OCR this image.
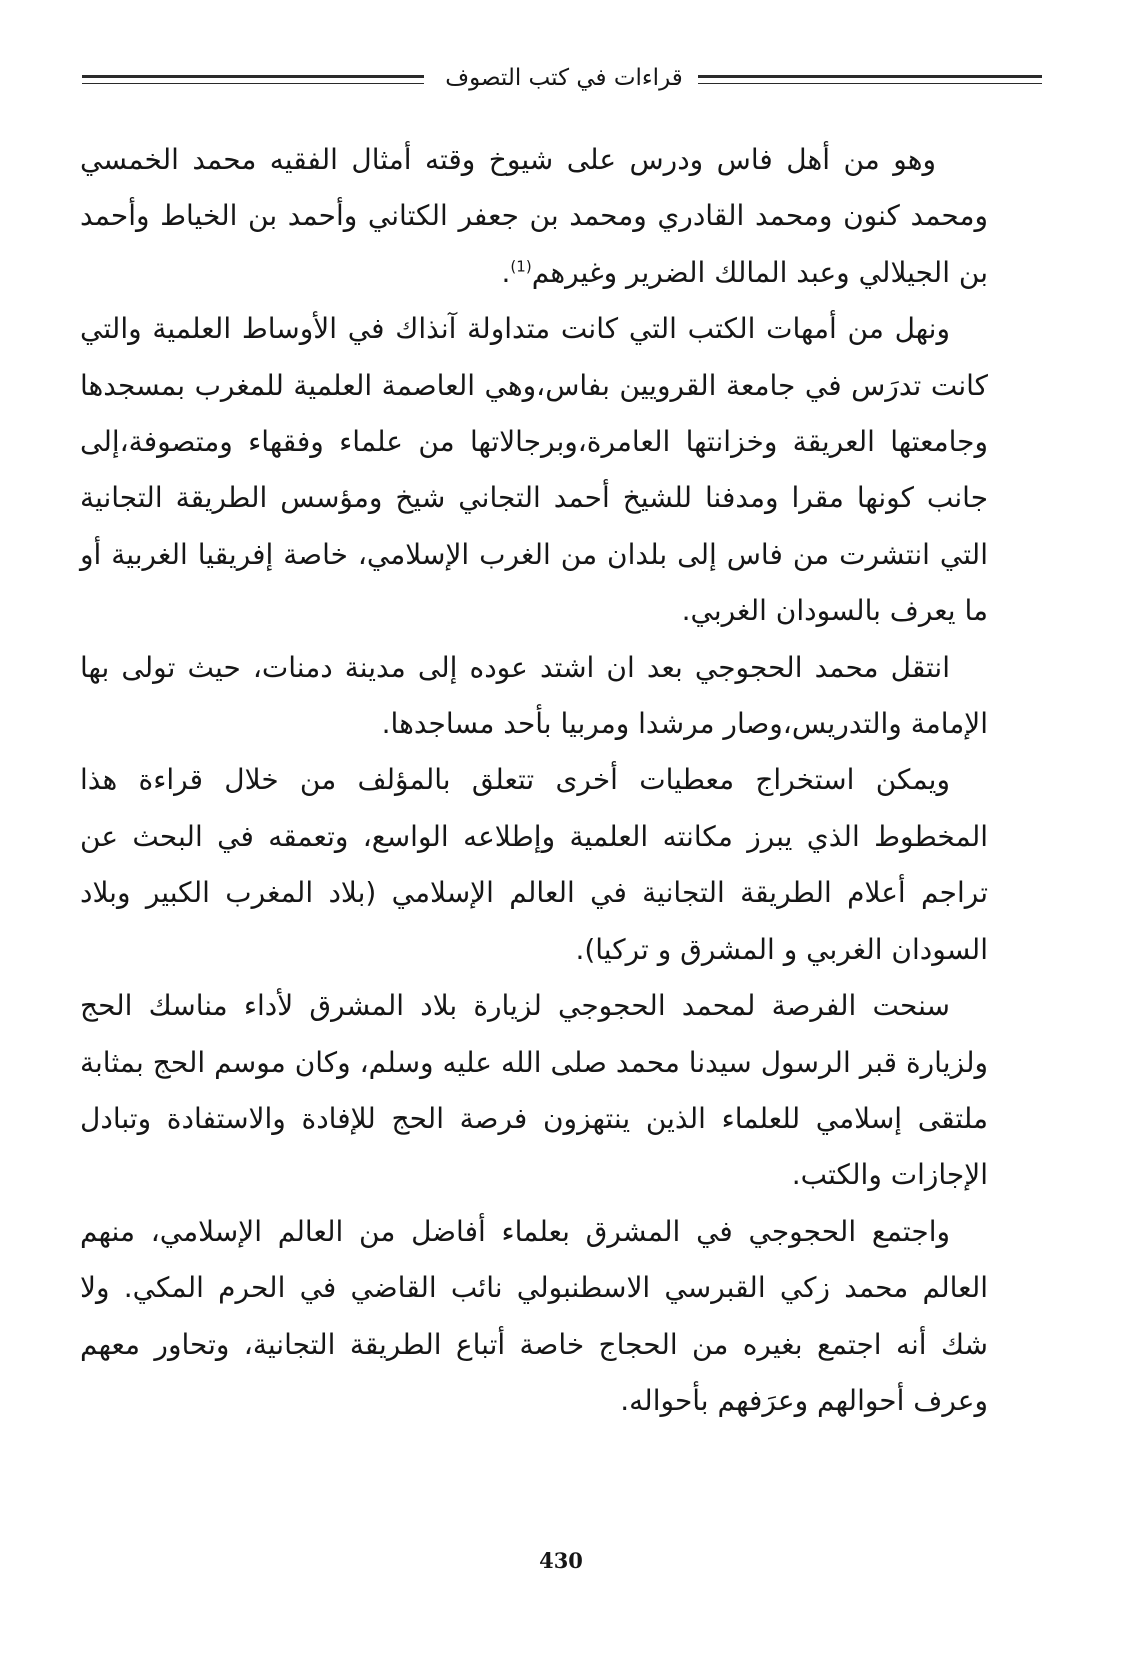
قراءات في كتب التصوف

وهو من أهل فاس ودرس على شيوخ وقته أمثال الفقيه محمد الخمسي ومحمد كنون ومحمد القادري ومحمد بن جعفر الكتاني وأحمد بن الخياط وأحمد بن الجيلالي وعبد المالك الضرير وغيرهم$^{(1)}$.

ونهل من أمهات الكتب التي كانت متداولة آنذاك في الأوساط العلمية والتي كانت تدرَس في جامعة القرويين بفاس،وهي العاصمة العلمية للمغرب بمسجدها وجامعتها العريقة وخزانتها العامرة،وبرجالاتها من علماء وفقهاء ومتصوفة،إلى جانب كونها مقرا ومدفنا للشيخ أحمد التجاني شيخ ومؤسس الطريقة التجانية التي انتشرت من فاس إلى بلدان من الغرب الإسلامي، خاصة إفريقيا الغربية أو ما يعرف بالسودان الغربي.

انتقل محمد الحجوجي بعد ان اشتد عوده إلى مدينة دمنات، حيث تولى بها الإمامة والتدريس،وصار مرشدا ومربيا بأحد مساجدها.

ويمكن استخراج معطيات أخرى تتعلق بالمؤلف من خلال قراءة هذا المخطوط الذي يبرز مكانته العلمية وإطلاعه الواسع، وتعمقه في البحث عن تراجم أعلام الطريقة التجانية في العالم الإسلامي (بلاد المغرب الكبير وبلاد السودان الغربي و المشرق و تركيا).

سنحت الفرصة لمحمد الحجوجي لزيارة بلاد المشرق لأداء مناسك الحج ولزيارة قبر الرسول سيدنا محمد صلى الله عليه وسلم، وكان موسم الحج بمثابة ملتقى إسلامي للعلماء الذين ينتهزون فرصة الحج للإفادة والاستفادة وتبادل الإجازات والكتب.

واجتمع الحجوجي في المشرق بعلماء أفاضل من العالم الإسلامي، منهم العالم محمد زكي القبرسي الاسطنبولي نائب القاضي في الحرم المكي. ولا شك أنه اجتمع بغيره من الحجاج خاصة أتباع الطريقة التجانية، وتحاور معهم وعرف أحوالهم وعرَفهم بأحواله.

430
